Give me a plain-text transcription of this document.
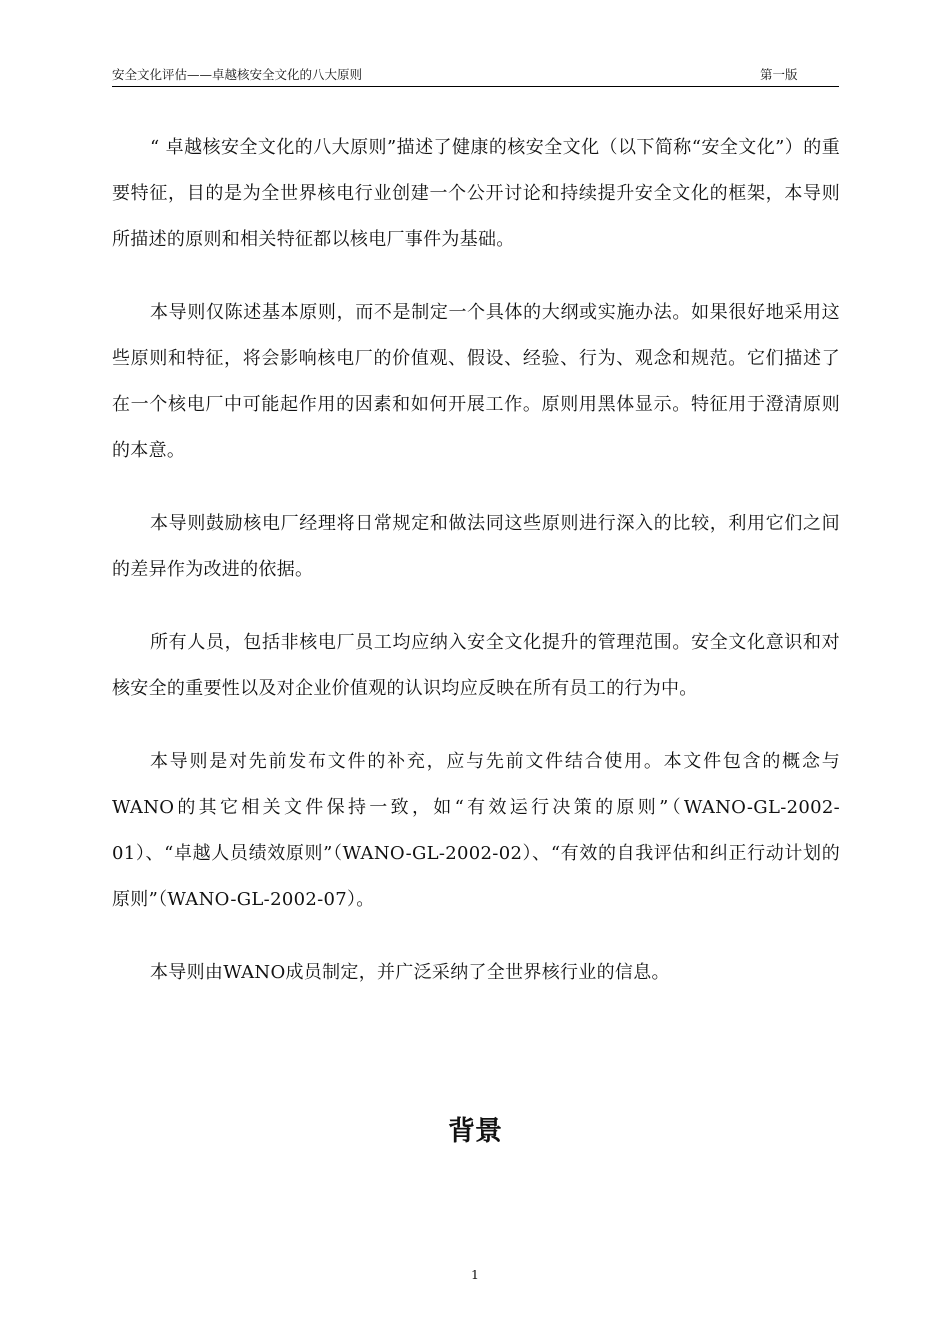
安全文化评估——卓越核安全文化的八大原则	第一版

“ 卓越核安全文化的八大原则”描述了健康的核安全文化（以下简称“安全文化”）的重要特征，目的是为全世界核电行业创建一个公开讨论和持续提升安全文化的框架，本导则所描述的原则和相关特征都以核电厂事件为基础。

本导则仅陈述基本原则，而不是制定一个具体的大纲或实施办法。如果很好地采用这些原则和特征，将会影响核电厂的价值观、假设、经验、行为、观念和规范。它们描述了在一个核电厂中可能起作用的因素和如何开展工作。原则用黑体显示。特征用于澄清原则的本意。

本导则鼓励核电厂经理将日常规定和做法同这些原则进行深入的比较，利用它们之间的差异作为改进的依据。

所有人员，包括非核电厂员工均应纳入安全文化提升的管理范围。安全文化意识和对核安全的重要性以及对企业价值观的认识均应反映在所有员工的行为中。

本导则是对先前发布文件的补充，应与先前文件结合使用。本文件包含的概念与WANO的其它相关文件保持一致，如“有效运行决策的原则”（WANO-GL-2002-01）、“卓越人员绩效原则”（WANO-GL-2002-02）、“有效的自我评估和纠正行动计划的原则”（WANO-GL-2002-07）。

本导则由WANO成员制定，并广泛采纳了全世界核行业的信息。

背景
1
